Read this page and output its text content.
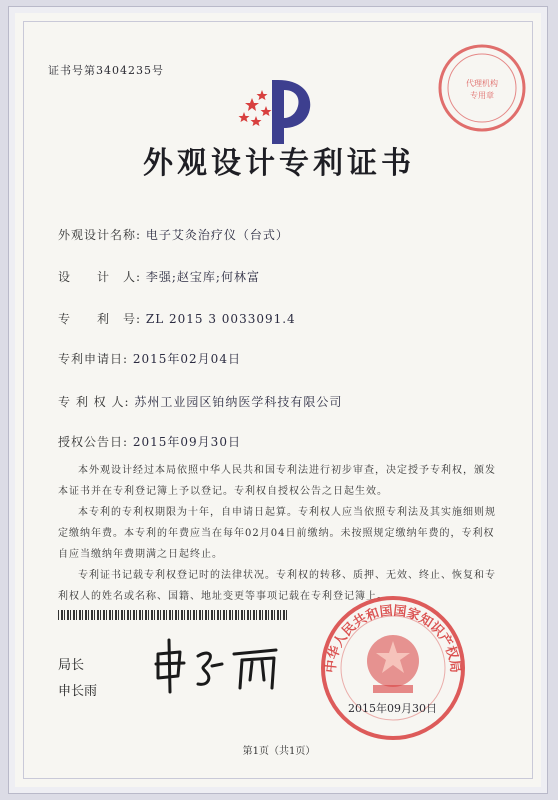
证书号第3404235号
代理机构
专用章
外观设计专利证书
外观设计名称: 电子艾灸治疗仪（台式）
设　　计　人: 李强;赵宝库;何林富
专　　利　号: ZL 2015 3 0033091.4
专利申请日: 2015年02月04日
专 利 权 人: 苏州工业园区铂纳医学科技有限公司
授权公告日: 2015年09月30日

本外观设计经过本局依照中华人民共和国专利法进行初步审查，决定授予专利权，颁发本证书并在专利登记簿上予以登记。专利权自授权公告之日起生效。

本专利的专利权期限为十年，自申请日起算。专利权人应当依照专利法及其实施细则规定缴纳年费。本专利的年费应当在每年02月04日前缴纳。未按照规定缴纳年费的，专利权自应当缴纳年费期满之日起终止。

专利证书记载专利权登记时的法律状况。专利权的转移、质押、无效、终止、恢复和专利权人的姓名或名称、国籍、地址变更等事项记载在专利登记簿上。

局长
申长雨
中华人民共和国国家知识产权局
2015年09月30日
第1页（共1页）
